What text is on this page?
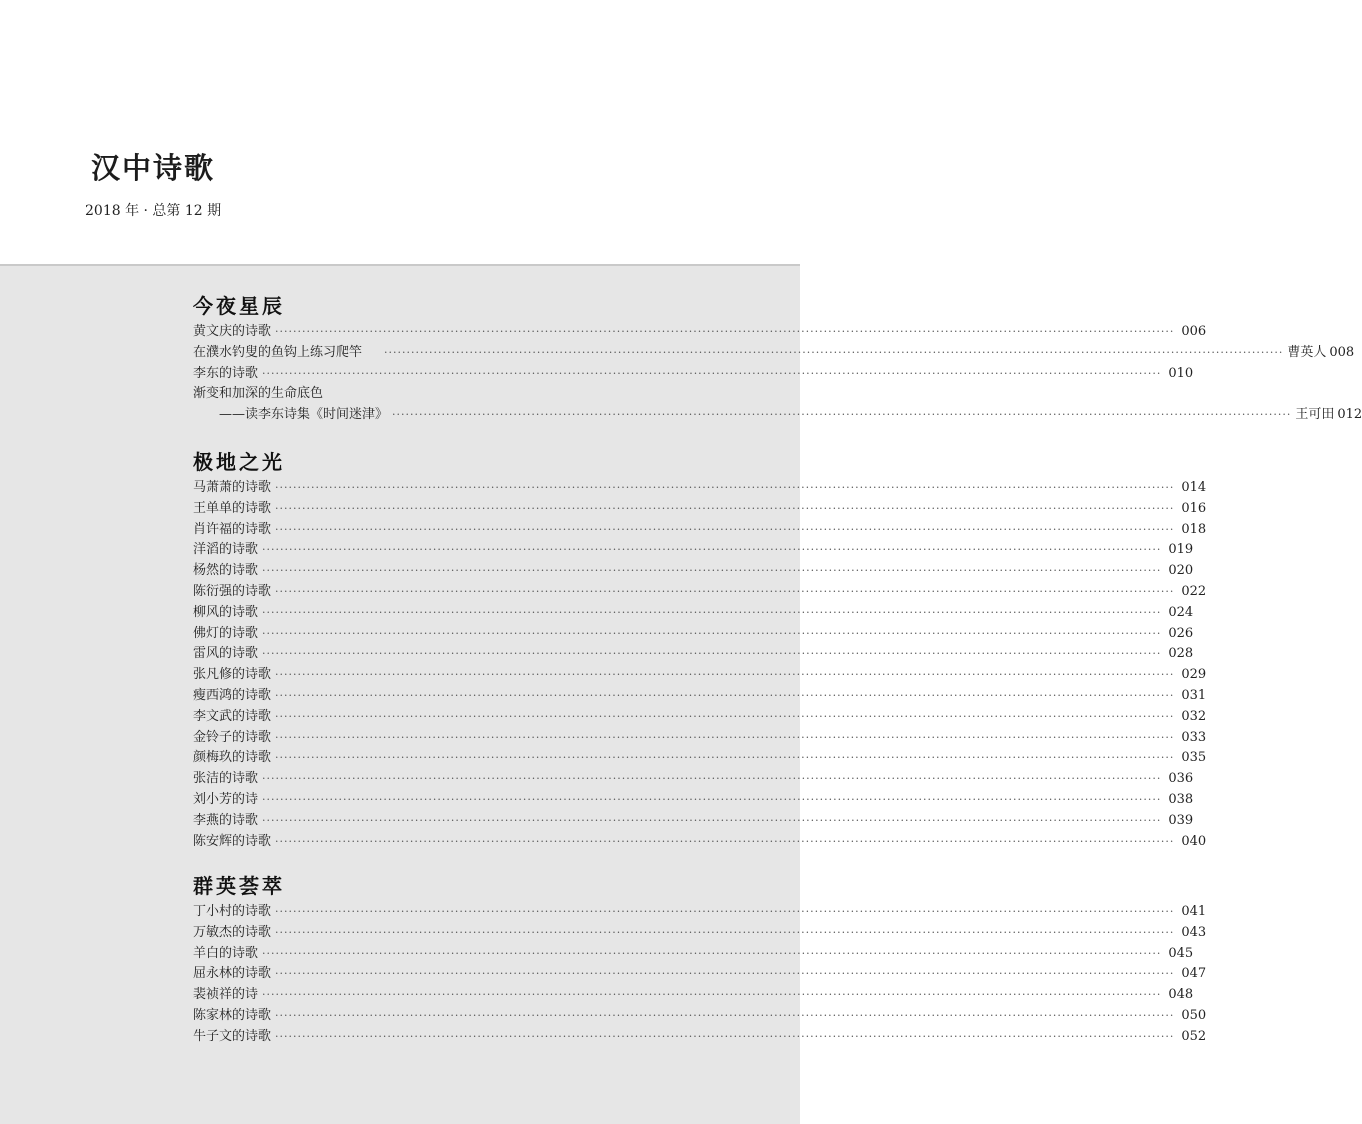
汉中诗歌
2018 年 · 总第 12 期
今夜星辰
黄文庆的诗歌 ········································································································································································································ 006
在濮水钓叟的鱼钩上练习爬竿 ········································································································································································································ 曹英人 008
李东的诗歌 ········································································································································································································ 010
渐变和加深的生命底色
——读李东诗集《时间迷津》 ········································································································································································································ 王可田 012
极地之光
马萧萧的诗歌 ········································································································································································································ 014
王单单的诗歌 ········································································································································································································ 016
肖许福的诗歌 ········································································································································································································ 018
洋滔的诗歌 ········································································································································································································ 019
杨然的诗歌 ········································································································································································································ 020
陈衍强的诗歌 ········································································································································································································ 022
柳风的诗歌 ········································································································································································································ 024
佛灯的诗歌 ········································································································································································································ 026
雷风的诗歌 ········································································································································································································ 028
张凡修的诗歌 ········································································································································································································ 029
瘦西鸿的诗歌 ········································································································································································································ 031
李文武的诗歌 ········································································································································································································ 032
金铃子的诗歌 ········································································································································································································ 033
颜梅玖的诗歌 ········································································································································································································ 035
张洁的诗歌 ········································································································································································································ 036
刘小芳的诗 ········································································································································································································ 038
李燕的诗歌 ········································································································································································································ 039
陈安辉的诗歌 ········································································································································································································ 040
群英荟萃
丁小村的诗歌 ········································································································································································································ 041
万敏杰的诗歌 ········································································································································································································ 043
羊白的诗歌 ········································································································································································································ 045
屈永林的诗歌 ········································································································································································································ 047
裴祯祥的诗 ········································································································································································································ 048
陈家林的诗歌 ········································································································································································································ 050
牛子文的诗歌 ········································································································································································································ 052
